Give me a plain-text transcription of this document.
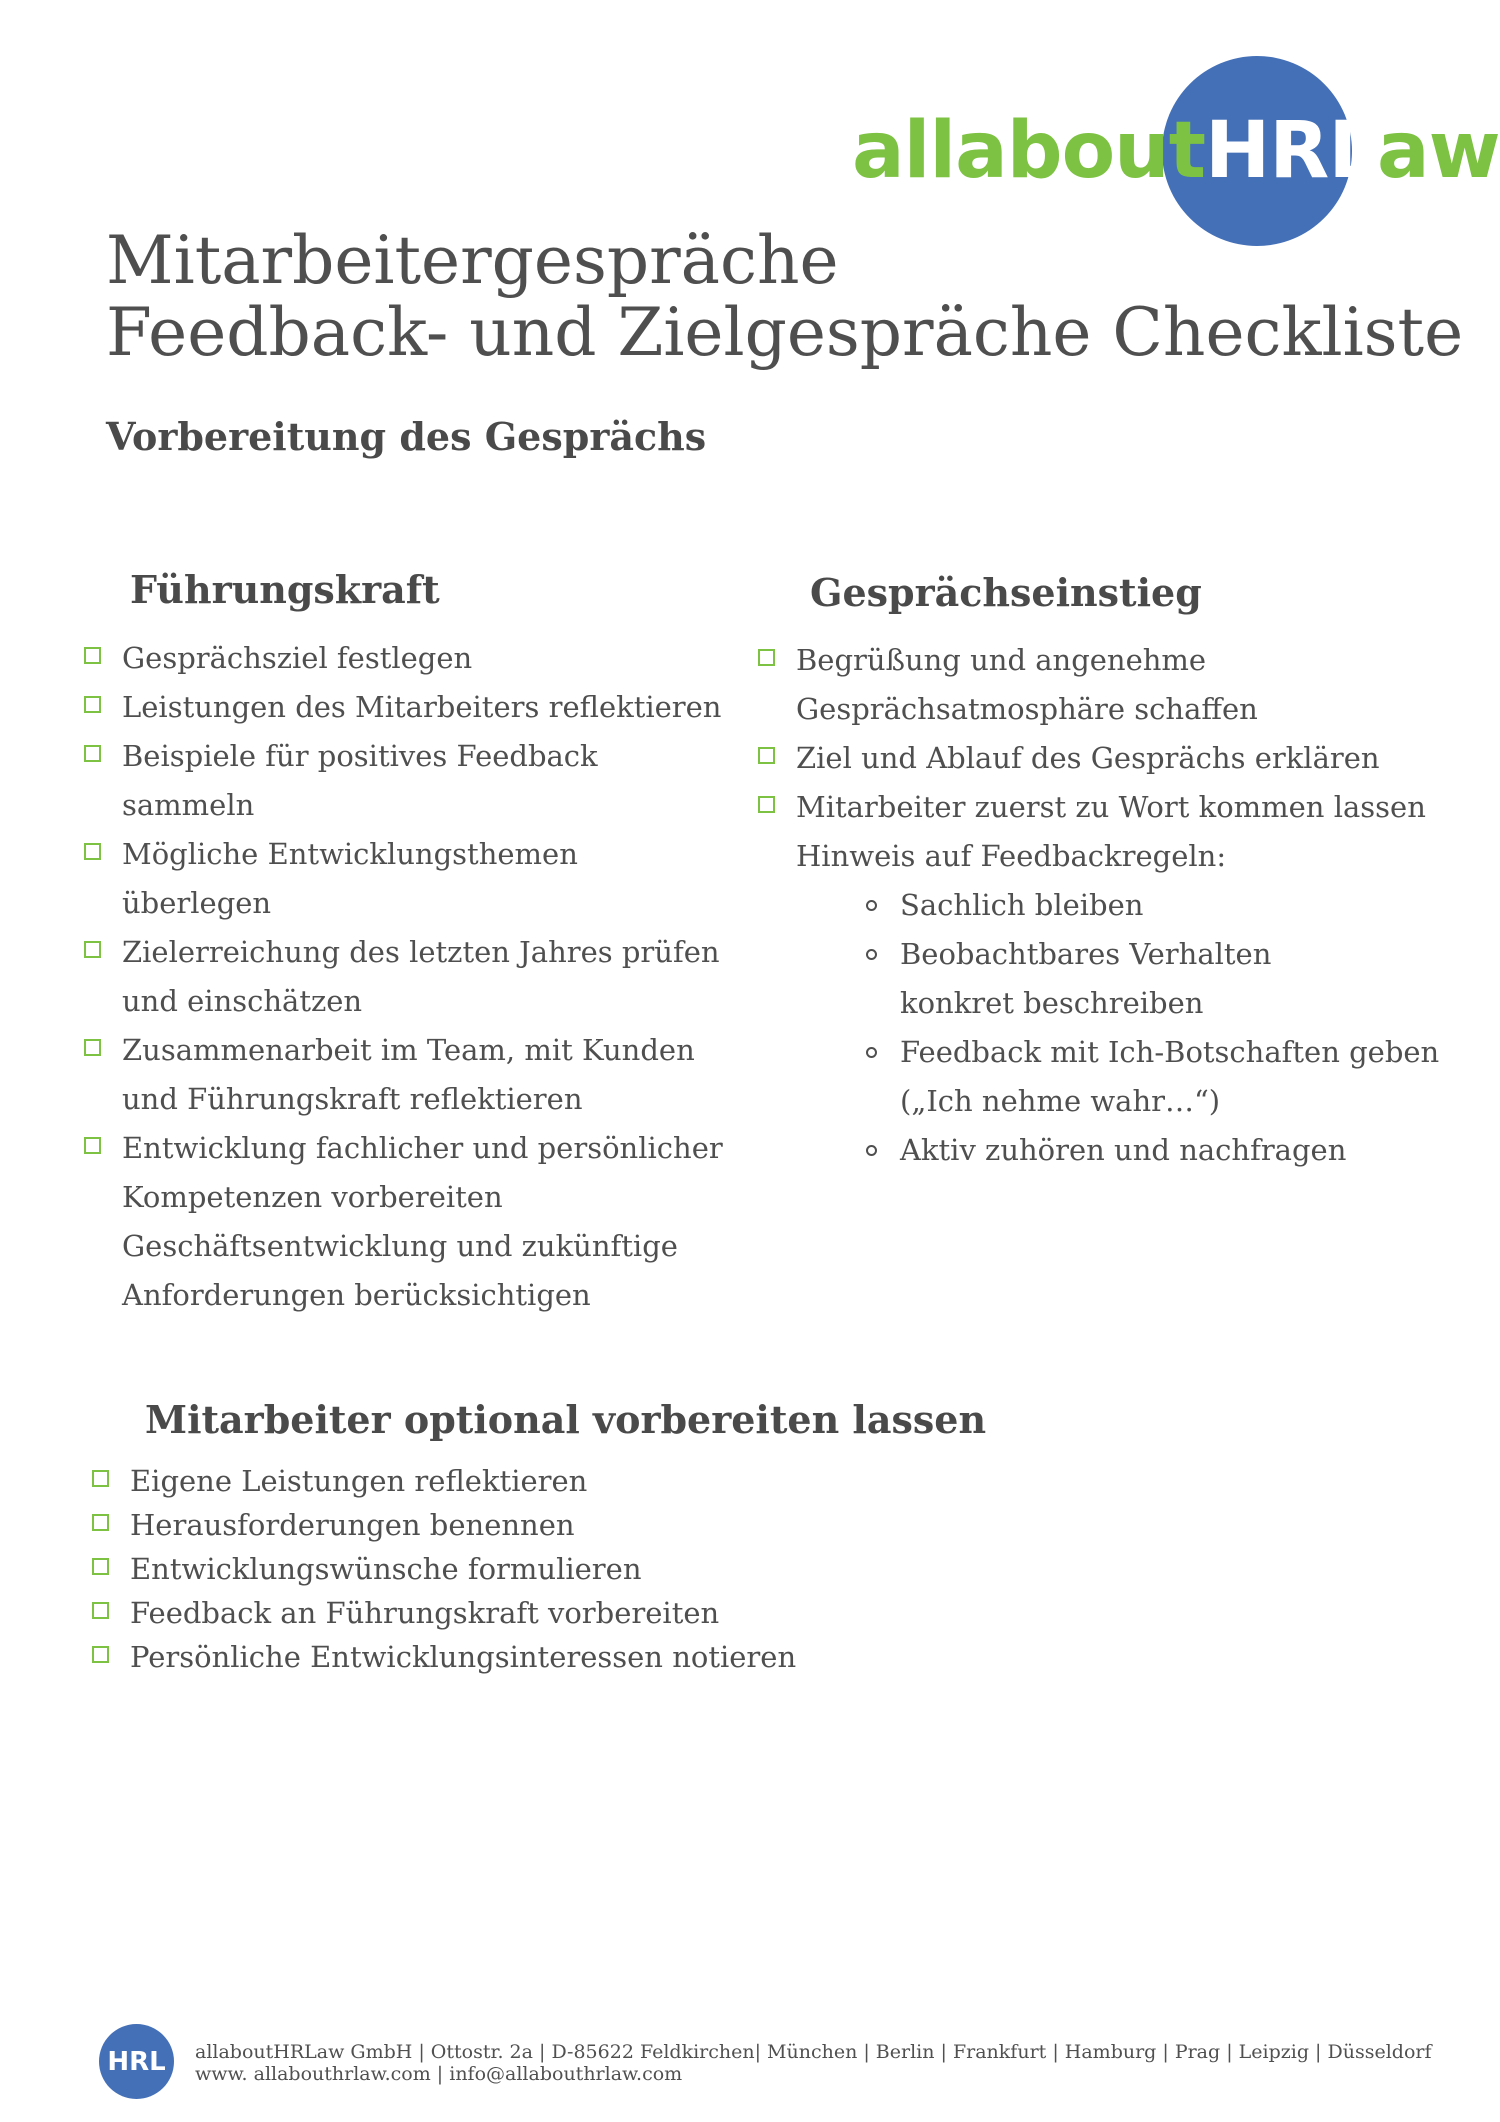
allaboutHRLaw
Mitarbeitergespräche
Feedback- und Zielgespräche Checkliste
Vorbereitung des Gesprächs
Führungskraft
Gesprächsziel festlegen
Leistungen des Mitarbeiters reflektieren
Beispiele für positives Feedback sammeln
Mögliche Entwicklungsthemen überlegen
Zielerreichung des letzten Jahres prüfen und einschätzen
Zusammenarbeit im Team, mit Kunden und Führungskraft reflektieren
Entwicklung fachlicher und persönlicher Kompetenzen vorbereiten
Geschäftsentwicklung und zukünftige Anforderungen berücksichtigen
Gesprächseinstieg
Begrüßung und angenehme Gesprächsatmosphäre schaffen
Ziel und Ablauf des Gesprächs erklären
Mitarbeiter zuerst zu Wort kommen lassen
Hinweis auf Feedbackregeln:
Sachlich bleiben
Beobachtbares Verhalten konkret beschreiben
Feedback mit Ich-Botschaften geben („Ich nehme wahr…“)
Aktiv zuhören und nachfragen
Mitarbeiter optional vorbereiten lassen
Eigene Leistungen reflektieren
Herausforderungen benennen
Entwicklungswünsche formulieren
Feedback an Führungskraft vorbereiten
Persönliche Entwicklungsinteressen notieren
HRL	allaboutHRLaw GmbH | Ottostr. 2a | D-85622 Feldkirchen| München | Berlin | Frankfurt | Hamburg | Prag | Leipzig | Düsseldorf
www. allabouthrlaw.com | info@allabouthrlaw.com
